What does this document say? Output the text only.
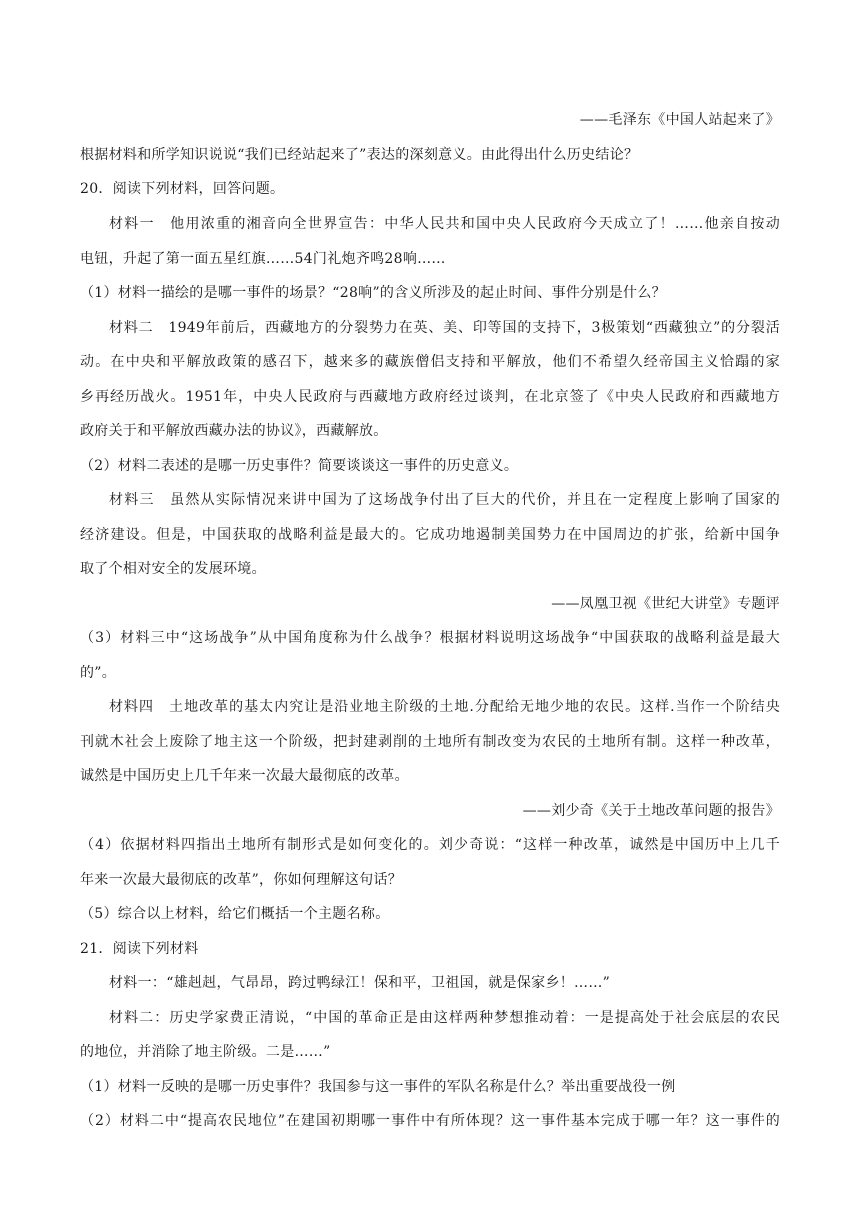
——毛泽东《中国人站起来了》
根据材料和所学知识说说“我们已经站起来了”表达的深刻意义。由此得出什么历史结论？
20．阅读下列材料，回答问题。
材料一　他用浓重的湘音向全世界宣告：中华人民共和国中央人民政府今天成立了！……他亲自按动
电钮，升起了第一面五星红旗……54门礼炮齐鸣28响……
（1）材料一描绘的是哪一事件的场景？“28响”的含义所涉及的起止时间、事件分别是什么？
材料二　1949年前后，西藏地方的分裂势力在英、美、印等国的支持下，3极策划“西藏独立”的分裂活
动。在中央和平解放政策的感召下，越来多的藏族僧侣支持和平解放，他们不希望久经帝国主义恰蹋的家
乡再经历战火。1951年，中央人民政府与西藏地方政府经过谈判，在北京签了《中央人民政府和西藏地方
政府关于和平解放西藏办法的协议》，西藏解放。
（2）材料二表述的是哪一历史事件？简要谈谈这一事件的历史意义。
材料三　虽然从实际情况来讲中国为了这场战争付出了巨大的代价，并且在一定程度上影响了国家的
经济建设。但是，中国获取的战略利益是最大的。它成功地遏制美国势力在中国周边的扩张，给新中国争
取了个相对安全的发展环境。
——凤凰卫视《世纪大讲堂》专题评
（3）材料三中“这场战争”从中国角度称为什么战争？根据材料说明这场战争“中国获取的战略利益是最大
的”。
材料四　土地改革的基太内究让是沿业地主阶级的土地.分配给无地少地的农民。这样.当作一个阶结央
刊就木社会上废除了地主这一个阶级，把封建剥削的土地所有制改变为农民的土地所有制。这样一种改革，
诚然是中国历史上几千年来一次最大最彻底的改革。
——刘少奇《关于土地改革问题的报告》
（4）依据材料四指出土地所有制形式是如何变化的。刘少奇说：“这样一种改革，诚然是中国历中上几千
年来一次最大最彻底的改革”，你如何理解这句话？
（5）综合以上材料，给它们概括一个主题名称。
21．阅读下列材料
材料一：“雄赳赳，气昂昂，跨过鸭绿江！保和平，卫祖国，就是保家乡！……”
材料二：历史学家费正清说，“中国的革命正是由这样两种梦想推动着：一是提高处于社会底层的农民
的地位，并消除了地主阶级。二是……”
（1）材料一反映的是哪一历史事件？我国参与这一事件的军队名称是什么？举出重要战役一例
（2）材料二中“提高农民地位”在建国初期哪一事件中有所体现？这一事件基本完成于哪一年？这一事件的
